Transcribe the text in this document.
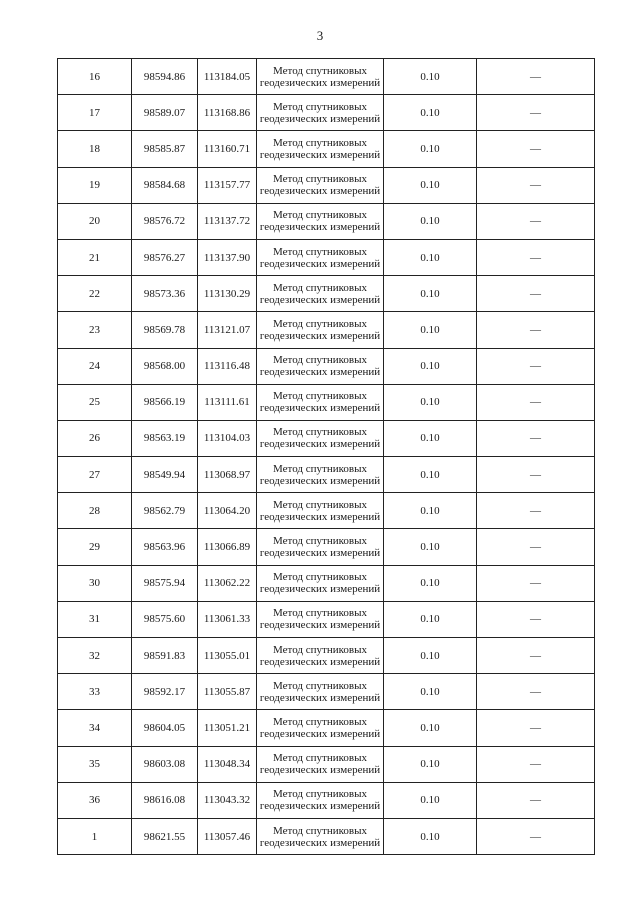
3
16	98594.86	113184.05	Метод спутниковых
геодезических измерений	0.10	—
17	98589.07	113168.86	Метод спутниковых
геодезических измерений	0.10	—
18	98585.87	113160.71	Метод спутниковых
геодезических измерений	0.10	—
19	98584.68	113157.77	Метод спутниковых
геодезических измерений	0.10	—
20	98576.72	113137.72	Метод спутниковых
геодезических измерений	0.10	—
21	98576.27	113137.90	Метод спутниковых
геодезических измерений	0.10	—
22	98573.36	113130.29	Метод спутниковых
геодезических измерений	0.10	—
23	98569.78	113121.07	Метод спутниковых
геодезических измерений	0.10	—
24	98568.00	113116.48	Метод спутниковых
геодезических измерений	0.10	—
25	98566.19	113111.61	Метод спутниковых
геодезических измерений	0.10	—
26	98563.19	113104.03	Метод спутниковых
геодезических измерений	0.10	—
27	98549.94	113068.97	Метод спутниковых
геодезических измерений	0.10	—
28	98562.79	113064.20	Метод спутниковых
геодезических измерений	0.10	—
29	98563.96	113066.89	Метод спутниковых
геодезических измерений	0.10	—
30	98575.94	113062.22	Метод спутниковых
геодезических измерений	0.10	—
31	98575.60	113061.33	Метод спутниковых
геодезических измерений	0.10	—
32	98591.83	113055.01	Метод спутниковых
геодезических измерений	0.10	—
33	98592.17	113055.87	Метод спутниковых
геодезических измерений	0.10	—
34	98604.05	113051.21	Метод спутниковых
геодезических измерений	0.10	—
35	98603.08	113048.34	Метод спутниковых
геодезических измерений	0.10	—
36	98616.08	113043.32	Метод спутниковых
геодезических измерений	0.10	—
1	98621.55	113057.46	Метод спутниковых
геодезических измерений	0.10	—
